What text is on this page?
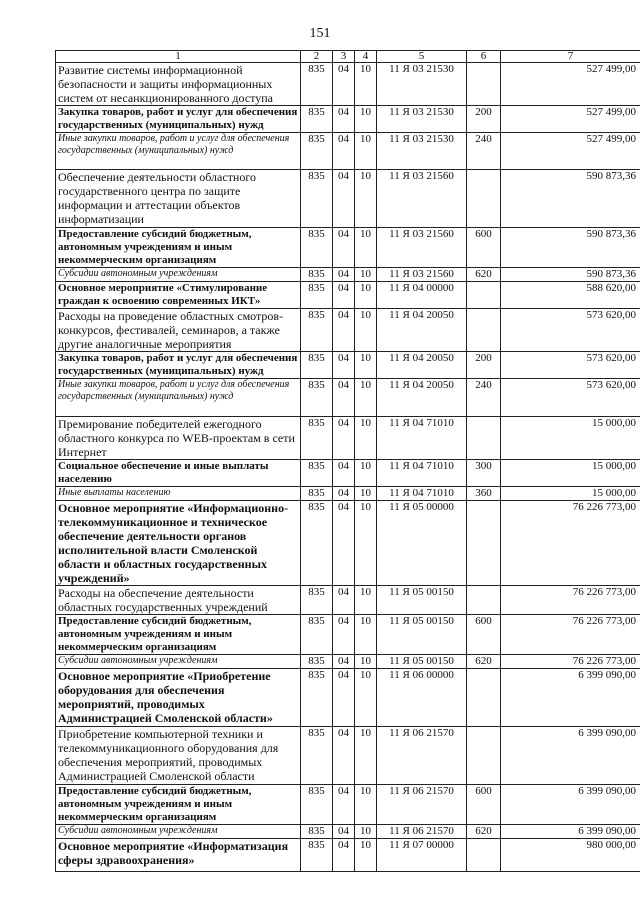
151
1	2	3	4	5	6	7
Развитие системы информационной безопасности и защиты информационных систем от несанкционированного доступа	835	04	10	11 Я 03 21530		527 499,00
Закупка товаров, работ и услуг для обеспечения государственных (муниципальных) нужд	835	04	10	11 Я 03 21530	200	527 499,00
Иные закупки товаров, работ и услуг для обеспечения государственных (муниципальных) нужд	835	04	10	11 Я 03 21530	240	527 499,00
Обеспечение деятельности областного государственного центра по защите информации и аттестации объектов информатизации	835	04	10	11 Я 03 21560		590 873,36
Предоставление субсидий бюджетным, автономным учреждениям и иным некоммерческим организациям	835	04	10	11 Я 03 21560	600	590 873,36
Субсидии автономным учреждениям	835	04	10	11 Я 03 21560	620	590 873,36
Основное мероприятие «Стимулирование граждан к освоению современных ИКТ»	835	04	10	11 Я 04 00000		588 620,00
Расходы на проведение областных смотров-конкурсов, фестивалей, семинаров, а также другие аналогичные мероприятия	835	04	10	11 Я 04 20050		573 620,00
Закупка товаров, работ и услуг для обеспечения государственных (муниципальных) нужд	835	04	10	11 Я 04 20050	200	573 620,00
Иные закупки товаров, работ и услуг для обеспечения государственных (муниципальных) нужд	835	04	10	11 Я 04 20050	240	573 620,00
Премирование победителей ежегодного областного конкурса по WEB-проектам в сети Интернет	835	04	10	11 Я 04 71010		15 000,00
Социальное обеспечение и иные выплаты населению	835	04	10	11 Я 04 71010	300	15 000,00
Иные выплаты населению	835	04	10	11 Я 04 71010	360	15 000,00
Основное мероприятие «Информационно-телекоммуникационное и техническое обеспечение деятельности органов исполнительной власти Смоленской области и областных государственных учреждений»	835	04	10	11 Я 05 00000		76 226 773,00
Расходы на обеспечение деятельности областных государственных учреждений	835	04	10	11 Я 05 00150		76 226 773,00
Предоставление субсидий бюджетным, автономным учреждениям и иным некоммерческим организациям	835	04	10	11 Я 05 00150	600	76 226 773,00
Субсидии автономным учреждениям	835	04	10	11 Я 05 00150	620	76 226 773,00
Основное мероприятие «Приобретение оборудования для обеспечения мероприятий, проводимых Администрацией Смоленской области»	835	04	10	11 Я 06 00000		6 399 090,00
Приобретение компьютерной техники и телекоммуникационного оборудования для обеспечения мероприятий, проводимых Администрацией Смоленской области	835	04	10	11 Я 06 21570		6 399 090,00
Предоставление субсидий бюджетным, автономным учреждениям и иным некоммерческим организациям	835	04	10	11 Я 06 21570	600	6 399 090,00
Субсидии автономным учреждениям	835	04	10	11 Я 06 21570	620	6 399 090,00
Основное мероприятие «Информатизация сферы здравоохранения»	835	04	10	11 Я 07 00000		980 000,00
